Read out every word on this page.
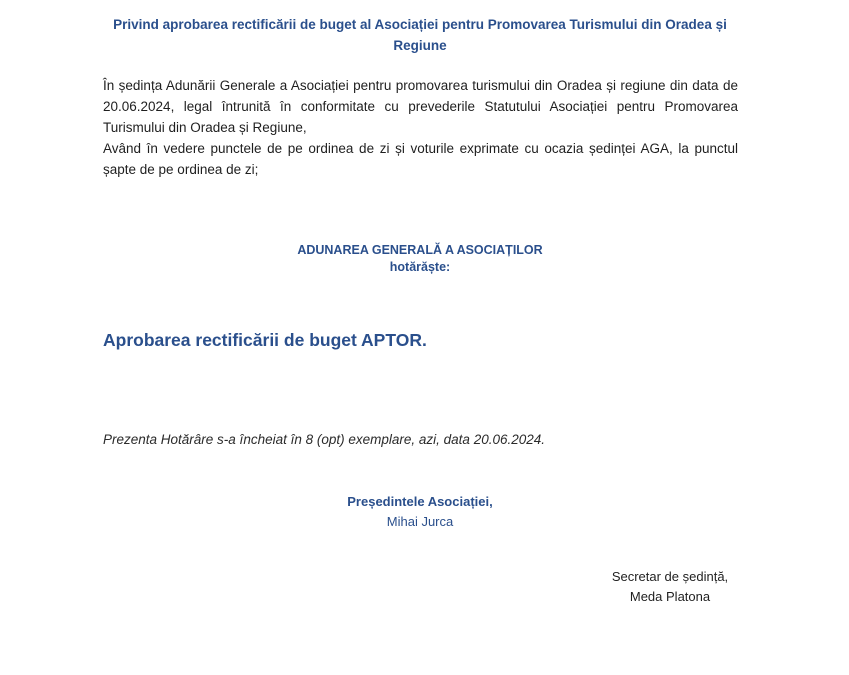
Privind aprobarea rectificării de buget al Asociației pentru Promovarea Turismului din Oradea și Regiune

În ședința Adunării Generale a Asociației pentru promovarea turismului din Oradea și regiune din data de 20.06.2024, legal întrunită în conformitate cu prevederile Statutului Asociației pentru Promovarea Turismului din Oradea și Regiune,

Având în vedere punctele de pe ordinea de zi și voturile exprimate cu ocazia ședinței AGA, la punctul șapte de pe ordinea de zi;

ADUNAREA GENERALĂ A ASOCIAȚILOR
hotărăște:
Aprobarea rectificării de buget APTOR.
Prezenta Hotărâre s-a încheiat în 8 (opt) exemplare, azi, data 20.06.2024.
Președintele Asociației,
Mihai Jurca
Secretar de ședință,
Meda Platona
